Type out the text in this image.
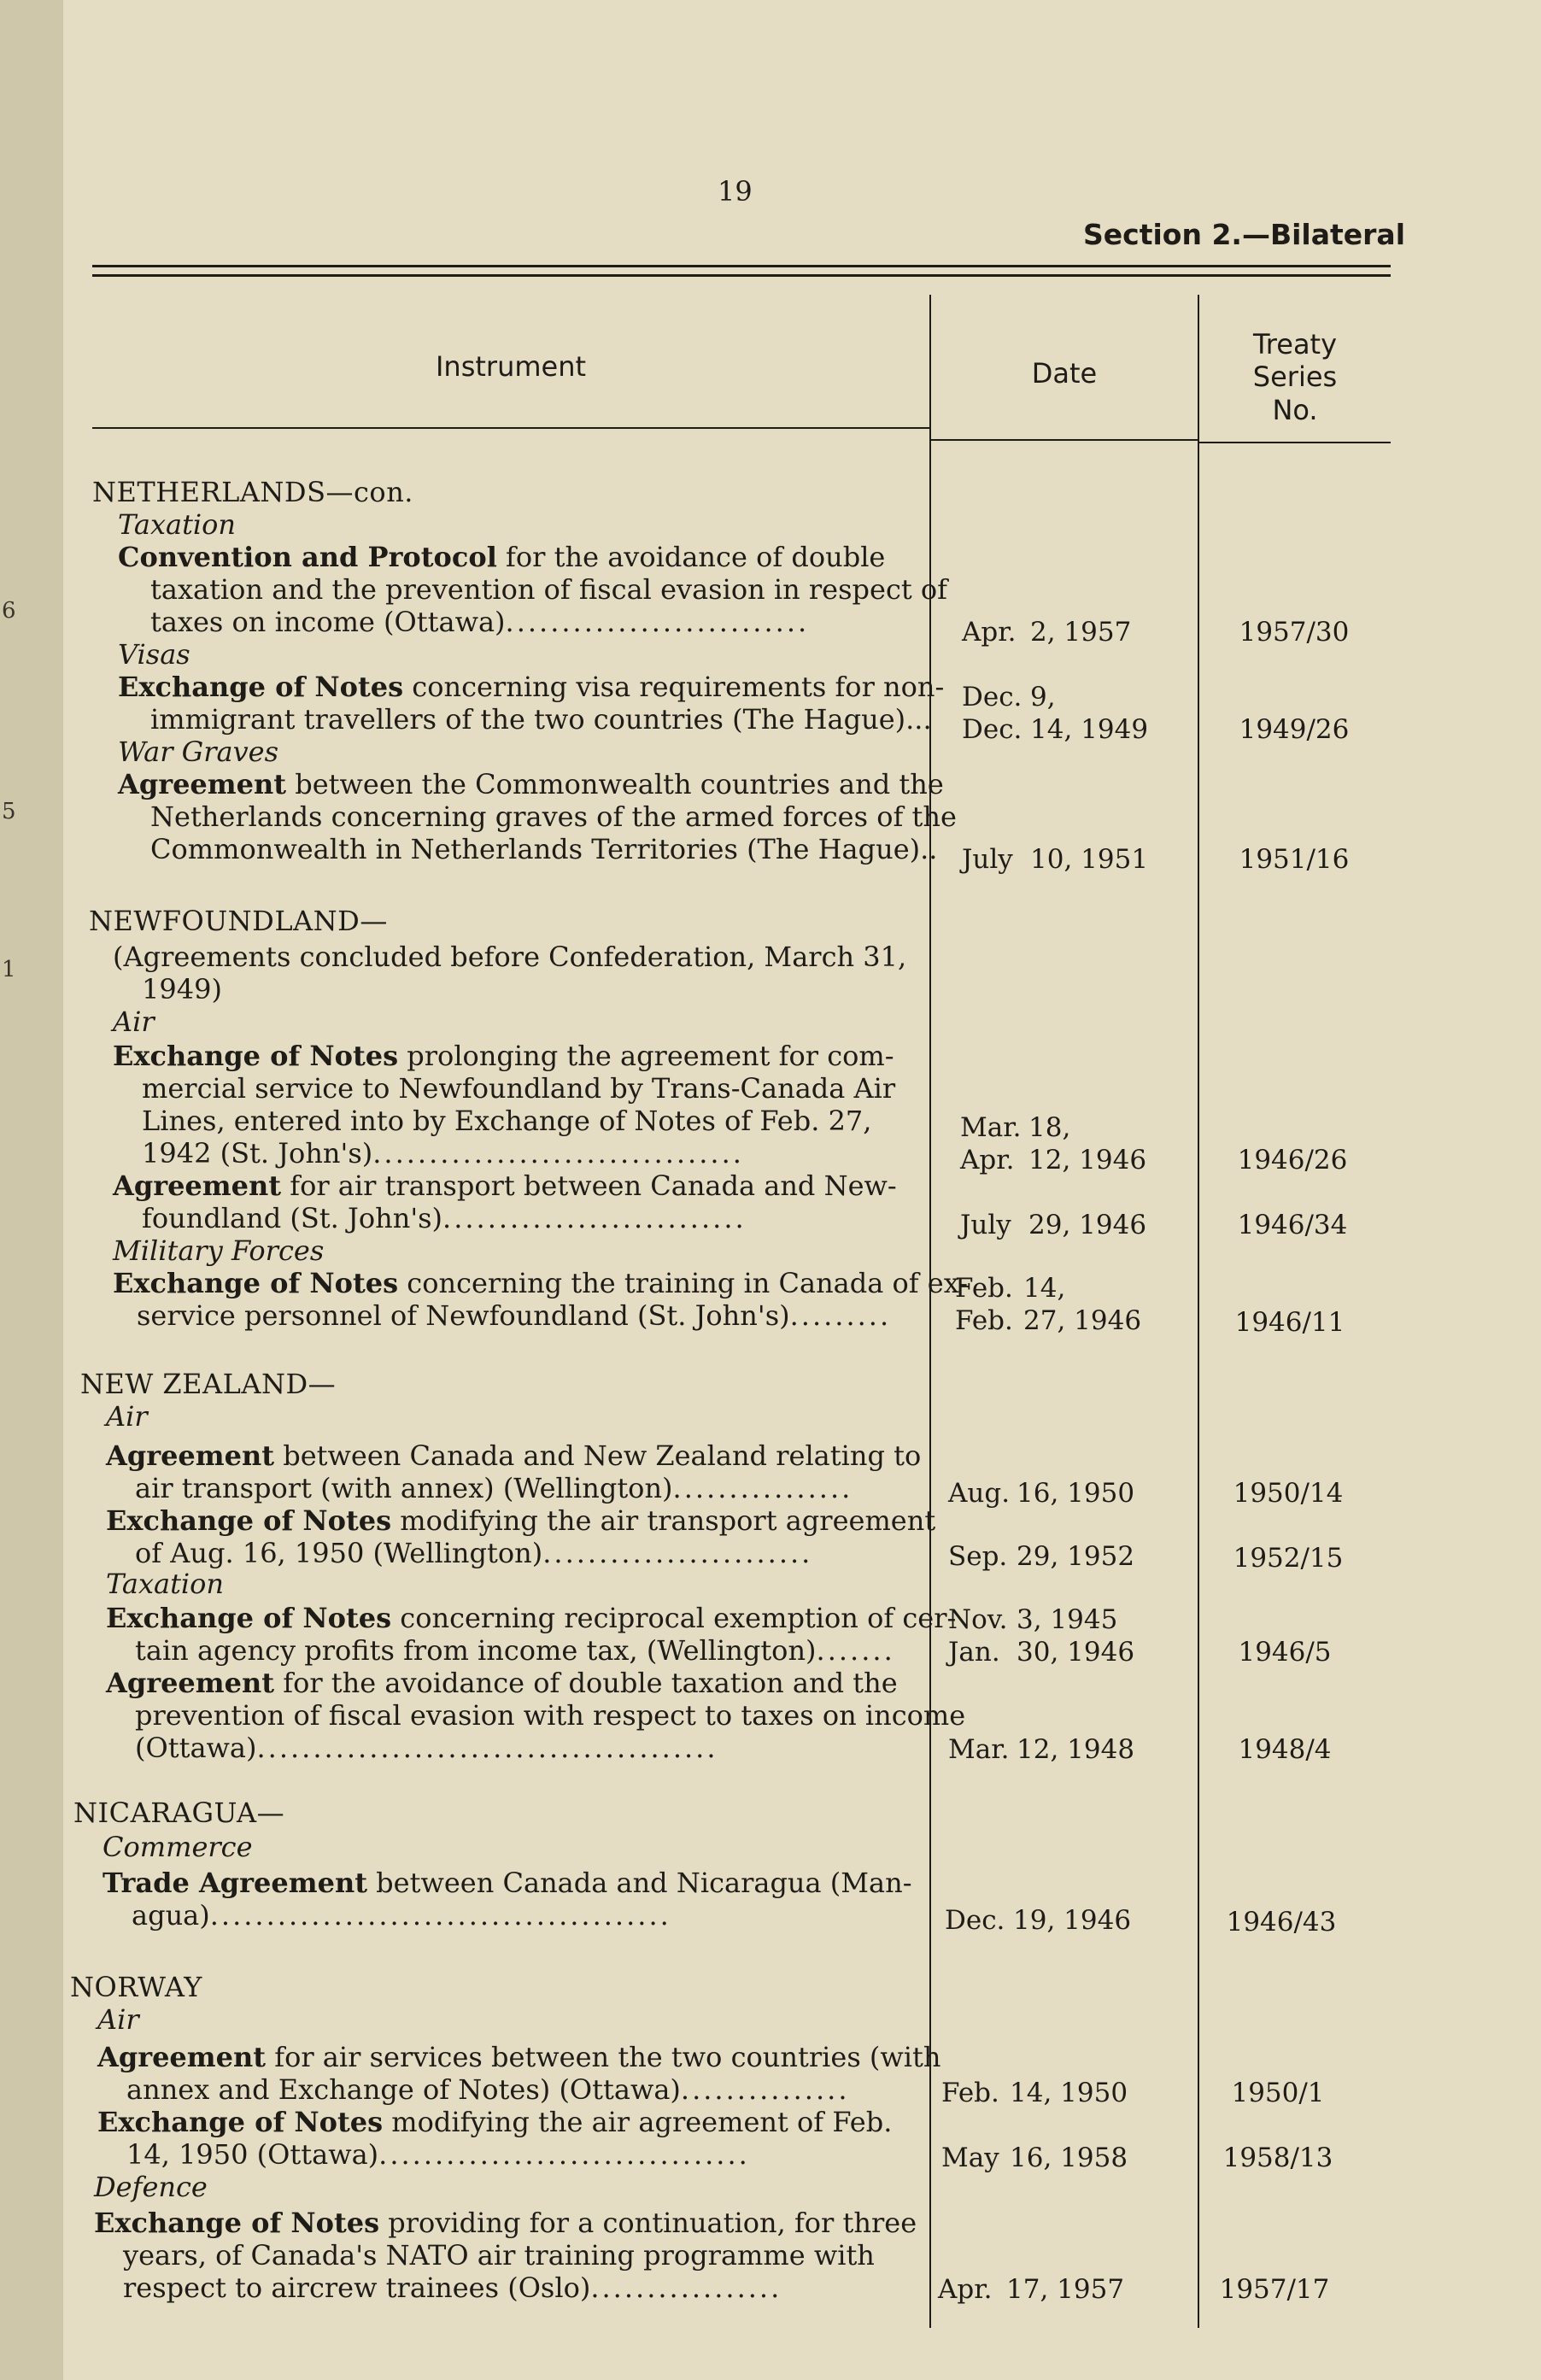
6
5
1
19
Section 2.—Bilateral
Instrument	Date
Treaty
Series
No.
NETHERLANDS—con.
Taxation
Convention and Protocol for the avoidance of double
taxation and the prevention of fiscal evasion in respect of
taxes on income (Ottawa)...........................	Apr. 2, 1957	1957/30
Visas
Exchange of Notes concerning visa requirements for non-
immigrant travellers of the two countries (The Hague)...
Dec. 9,
Dec. 14, 1949	1949/26
War Graves
Agreement between the Commonwealth countries and the
Netherlands concerning graves of the armed forces of the
Commonwealth in Netherlands Territories (The Hague).. July 10, 1951	1951/16
NEWFOUNDLAND—
(Agreements concluded before Confederation, March 31,
1949)
Air
Exchange of Notes prolonging the agreement for com-
mercial service to Newfoundland by Trans-Canada Air
Lines, entered into by Exchange of Notes of Feb. 27,
1942 (St. John's).................................
Mar. 18,
Apr. 12, 1946	1946/26
Agreement for air transport between Canada and New-
foundland (St. John's)...........................	July 29, 1946	1946/34
Military Forces
Exchange of Notes concerning the training in Canada of ex-
service personnel of Newfoundland (St. John's).........
Feb. 14,
Feb. 27, 1946	1946/11
NEW ZEALAND—
Air
Agreement between Canada and New Zealand relating to
air transport (with annex) (Wellington)................	Aug. 16, 1950	1950/14
Exchange of Notes modifying the air transport agreement
of Aug. 16, 1950 (Wellington)........................	Sep. 29, 1952	1952/15
Taxation
Exchange of Notes concerning reciprocal exemption of cer-
tain agency profits from income tax, (Wellington).......
Nov. 3, 1945
Jan. 30, 1946	1946/5
Agreement for the avoidance of double taxation and the
prevention of fiscal evasion with respect to taxes on income
(Ottawa).........................................	Mar. 12, 1948	1948/4
NICARAGUA—
Commerce
Trade Agreement between Canada and Nicaragua (Man-
agua).........................................	Dec. 19, 1946	1946/43
NORWAY
Air
Agreement for air services between the two countries (with
annex and Exchange of Notes) (Ottawa)...............	Feb. 14, 1950	1950/1
Exchange of Notes modifying the air agreement of Feb.
14, 1950 (Ottawa).................................	May 16, 1958	1958/13
Defence
Exchange of Notes providing for a continuation, for three
years, of Canada's NATO air training programme with
respect to aircrew trainees (Oslo).................	Apr. 17, 1957	1957/17
